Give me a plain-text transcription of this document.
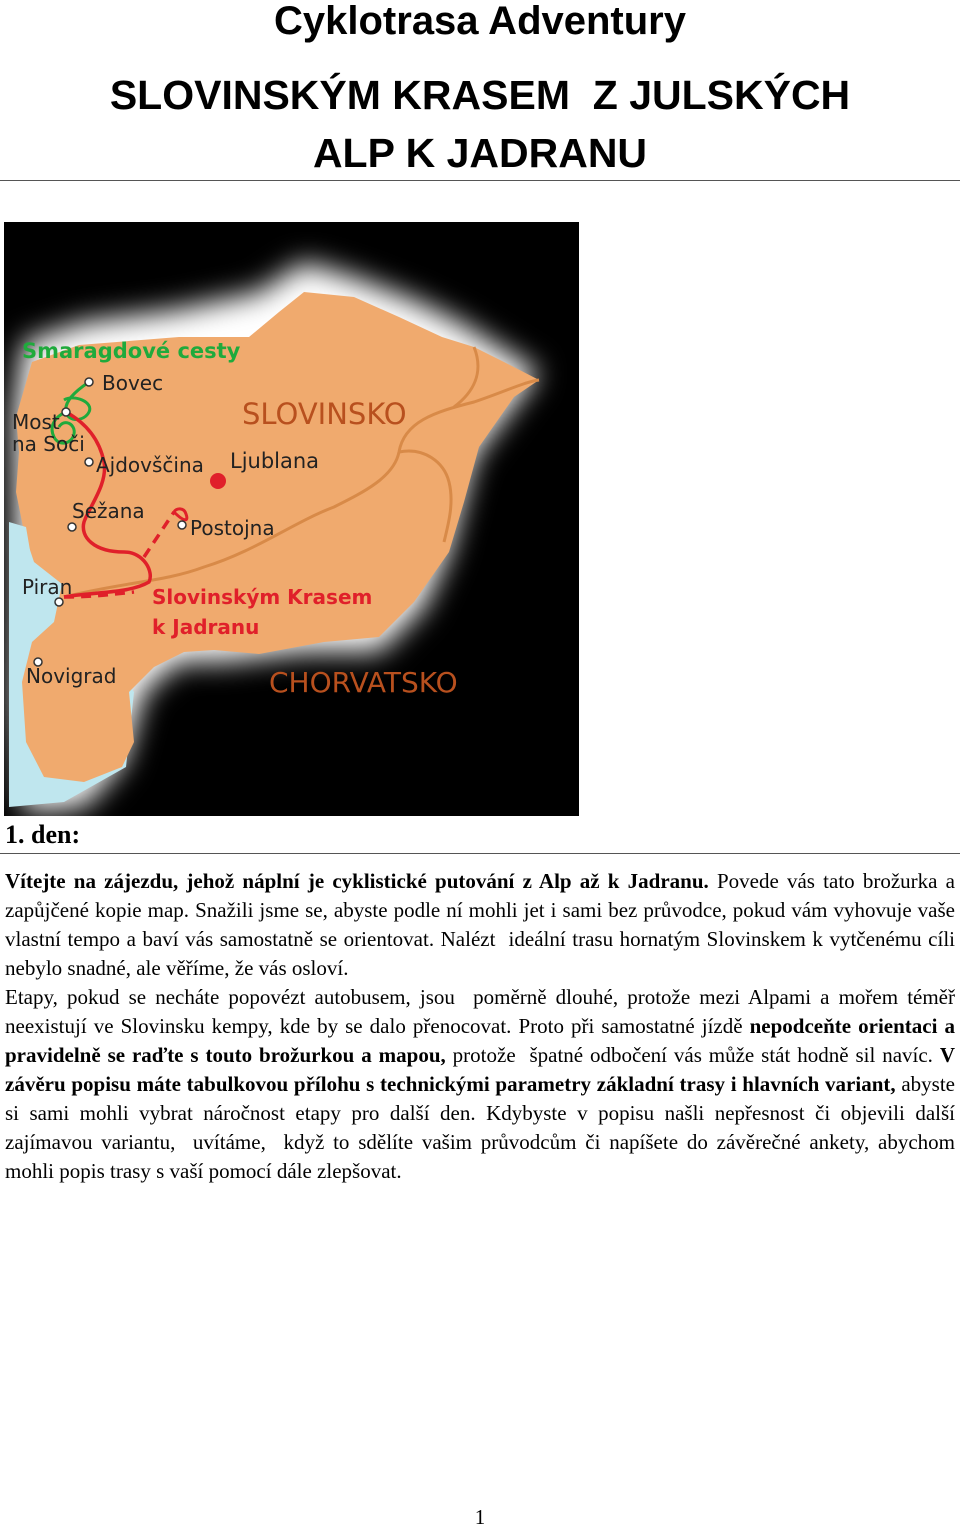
Cyklotrasa Adventury
SLOVINSKÝM KRASEM  Z JULSKÝCH
ALP K JADRANU
Smaragdové cesty
Bovec
Most
na Soči
SLOVINSKO
Ajdovščina Ljublana
Sežana
Postojna
Piran	Slovinským Krasem
k Jadranu
Novigrad	CHORVATSKO
1. den:

Vítejte na zájezdu, jehož náplní je cyklistické putování z Alp až k Jadranu. Povede vás tato brožurka a zapůjčené kopie map. Snažili jsme se, abyste podle ní mohli jet i sami bez průvodce, pokud vám vyhovuje vaše vlastní tempo a baví vás samostatně se orientovat. Nalézt  ideální trasu hornatým Slovinskem k vytčenému cíli nebylo snadné, ale věříme, že vás osloví.

Etapy, pokud se necháte popovézt autobusem, jsou  poměrně dlouhé, protože mezi Alpami a mořem téměř neexistují ve Slovinsku kempy, kde by se dalo přenocovat. Proto při samostatné jízdě nepodceňte orientaci a pravidelně se raďte s touto brožurkou a mapou, protože  špatné odbočení vás může stát hodně sil navíc. V závěru popisu máte tabulkovou přílohu s technickými parametry základní trasy i hlavních variant, abyste si sami mohli vybrat náročnost etapy pro další den. Kdybyste v popisu našli nepřesnost či objevili další zajímavou variantu,  uvítáme,  když to sdělíte vašim průvodcům či napíšete do závěrečné ankety, abychom mohli popis trasy s vaší pomocí dále zlepšovat.

1
